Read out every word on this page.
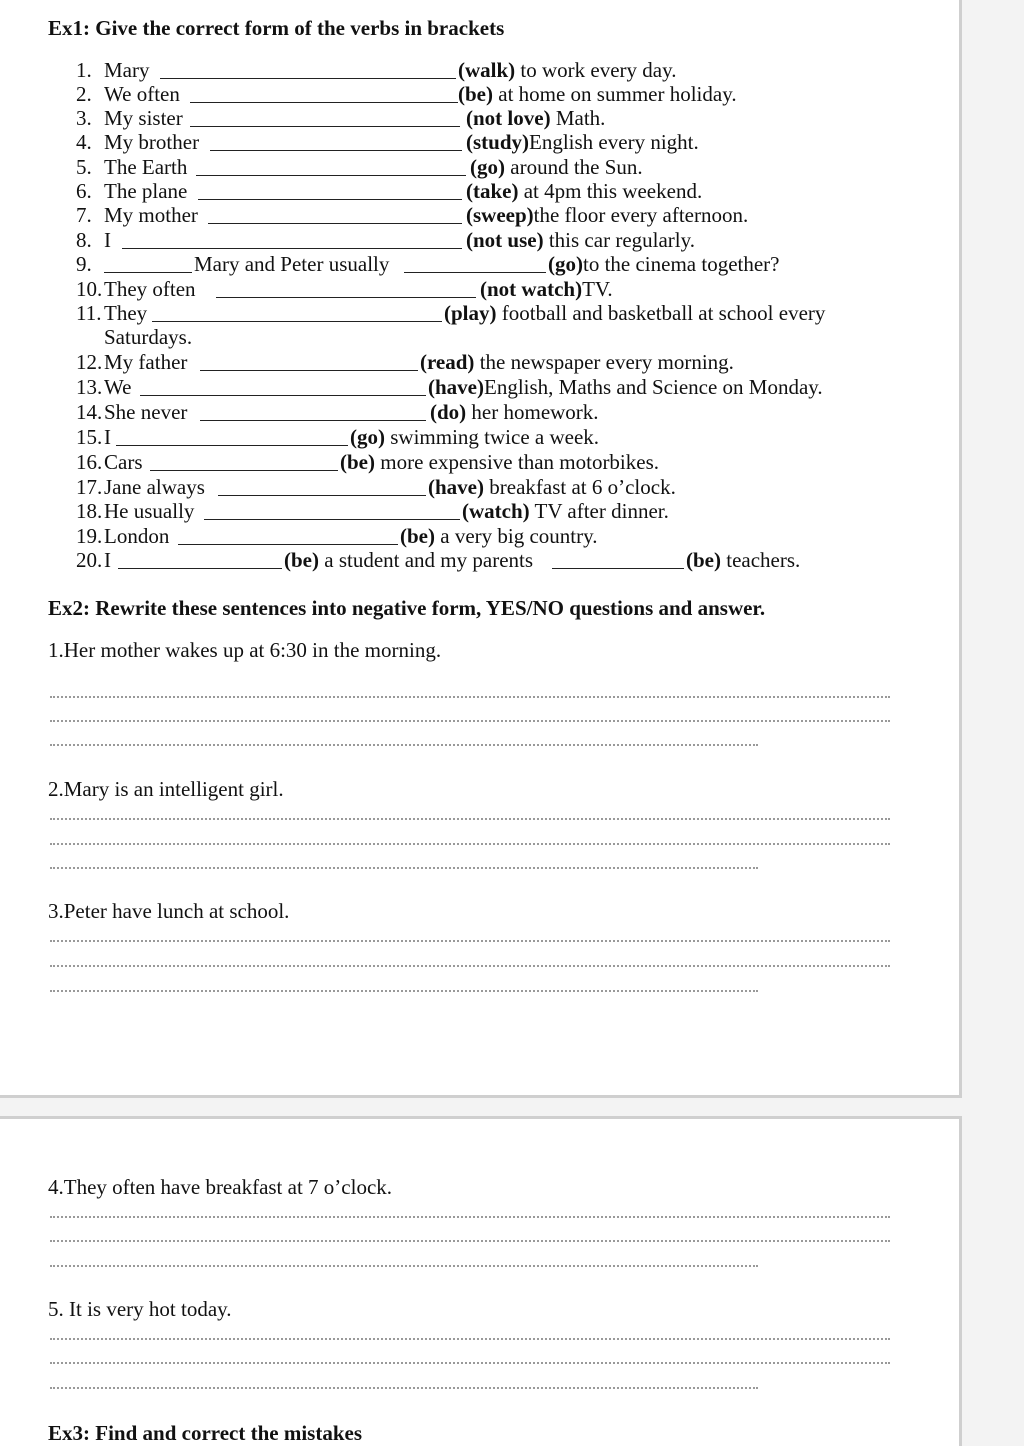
Ex1: Give the correct form of the verbs in brackets
1. Mary	(walk) to work every day.
2. We often	(be) at home on summer holiday.
3. My sister	(not love) Math.
4. My brother	(study)English every night.
5. The Earth	(go) around the Sun.
6. The plane	(take) at 4pm this weekend.
7. My mother	(sweep)the floor every afternoon.
8. I	(not use) this car regularly.
9.	Mary and Peter usually	(go)to the cinema together?
10. They often	(not watch)TV.
11. They	(play) football and basketball at school every
Saturdays.
12. My father	(read) the newspaper every morning.
13. We	(have)English, Maths and Science on Monday.
14. She never	(do) her homework.
15. I	(go) swimming twice a week.
16. Cars	(be) more expensive than motorbikes.
17. Jane always	(have) breakfast at 6 o’clock.
18. He usually	(watch) TV after dinner.
19. London	(be) a very big country.
20. I	(be) a student and my parents	(be) teachers.
Ex2: Rewrite these sentences into negative form, YES/NO questions and answer.
1.Her mother wakes up at 6:30 in the morning.
2.Mary is an intelligent girl.
3.Peter have lunch at school.
4.They often have breakfast at 7 o’clock.
5. It is very hot today.
Ex3: Find and correct the mistakes
